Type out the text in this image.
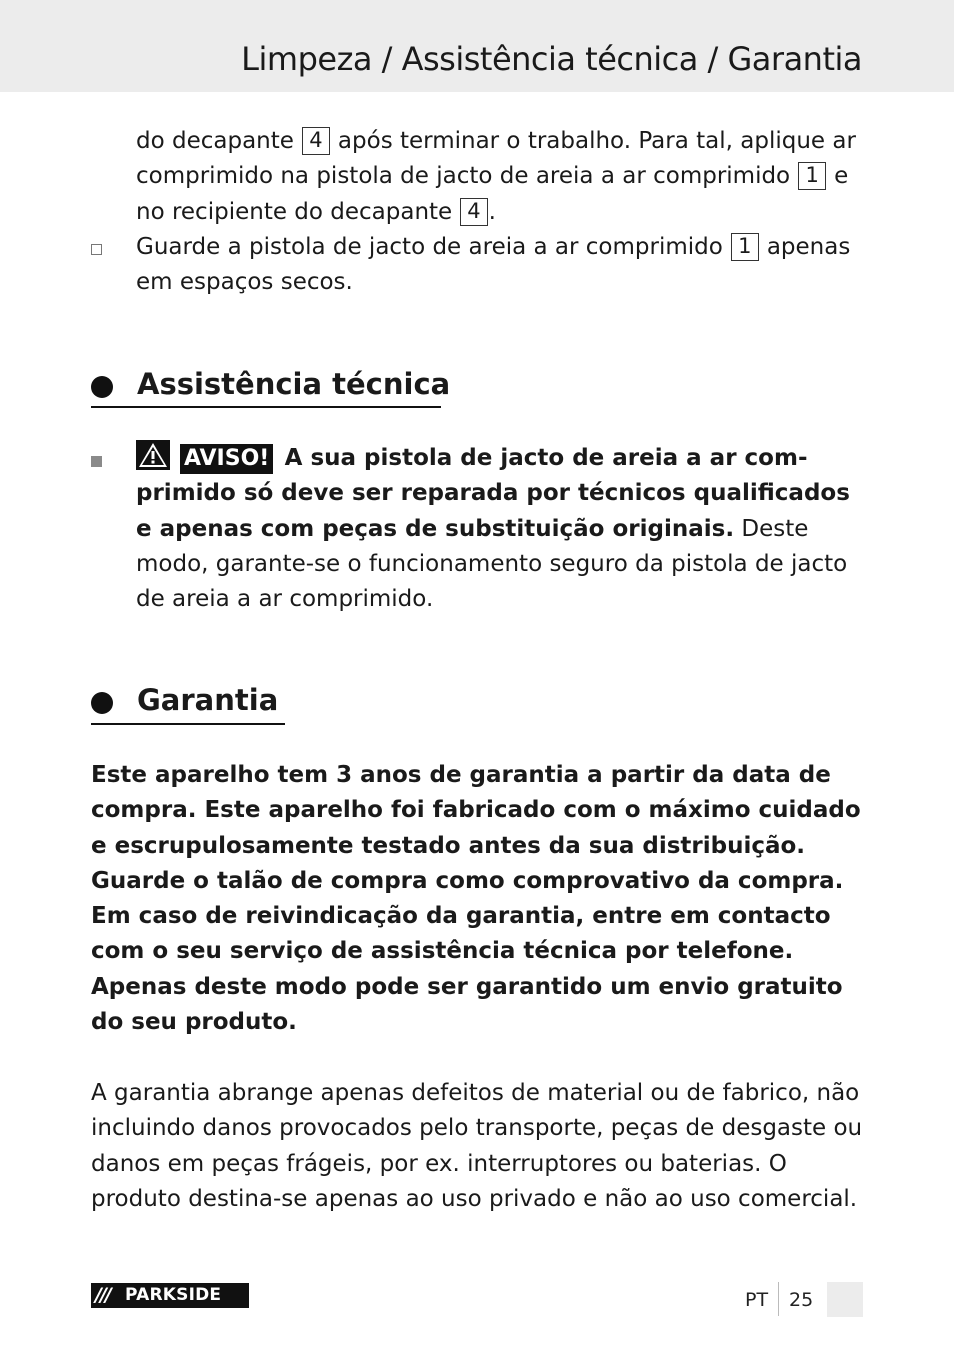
Limpeza / Assistência técnica / Garantia
do decapante 4 após terminar o trabalho. Para tal, aplique ar comprimido na pistola de jacto de areia a ar comprimido 1 e no recipiente do decapante 4 .
Guarde a pistola de jacto de areia a ar comprimido 1 apenas em espaços secos.
Assistência técnica
AVISO! A sua pistola de jacto de areia a ar comprimido só deve ser reparada por técnicos qualificados e apenas com peças de substituição originais. Deste modo, garante-se o funcionamento seguro da pistola de jacto de areia a ar comprimido.
Garantia
Este aparelho tem 3 anos de garantia a partir da data de compra. Este aparelho foi fabricado com o máximo cuidado e escrupulosamente testado antes da sua distribuição. Guarde o talão de compra como comprovativo da compra. Em caso de reivindicação da garantia, entre em contacto com o seu serviço de assistência técnica por telefone. Apenas deste modo pode ser garantido um envio gratuito do seu produto.
A garantia abrange apenas defeitos de material ou de fabrico, não incluindo danos provocados pelo transporte, peças de desgaste ou danos em peças frágeis, por ex. interruptores ou baterias. O produto destina-se apenas ao uso privado e não ao uso comercial.
/// PARKSIDE	PT 25
